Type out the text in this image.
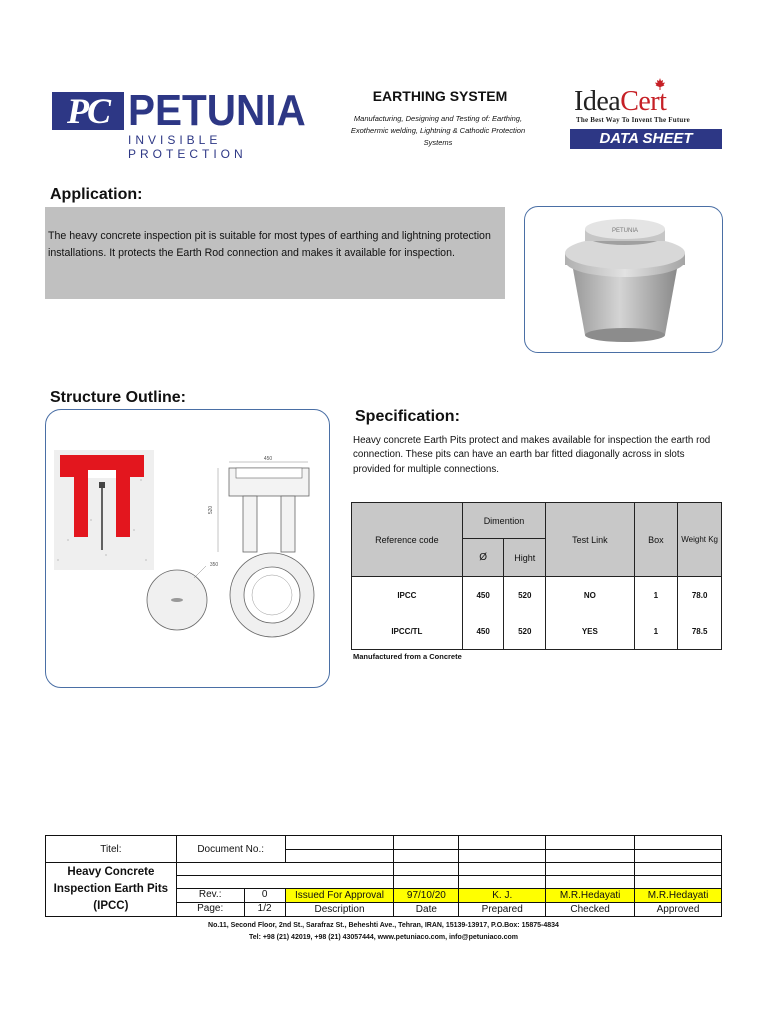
PC PETUNIA
INVISIBLE PROTECTION
EARTHING SYSTEM
Manufacturing, Designing and Testing of: Earthing, Exothermic welding, Lightning & Cathodic Protection Systems
IdeaCert
The Best Way To Invent The Future
DATA SHEET
Application:
The heavy concrete inspection pit is suitable for most types of earthing and lightning protection installations. It protects the Earth Rod connection and makes it available for inspection.
PETUNIA
Structure Outline:
450
520
350
Specification:
Heavy concrete Earth Pits protect and makes available for inspection the earth rod connection. These pits can have an earth bar fitted diagonally across in slots provided for multiple connections.
Reference code	Dimention		Test Link	Box	Weight Kg
	Ø	Hight			
IPCC	450	520	NO	1	78.0
IPCC/TL	450	520	YES	1	78.5
Manufactured from a Concrete
Titel:	Document No.:					

Heavy Concrete Inspection Earth Pits (IPCC)						

	Rev.: 0	Issued For Approval	97/10/20	K. J.	M.R.Hedayati	M.R.Hedayati

	Page: 1/2	Description	Date	Prepared	Checked	Approved
No.11, Second Floor, 2nd St., Sarafraz St., Beheshti Ave., Tehran, IRAN, 15139-13917, P.O.Box: 15875-4834
Tel: +98 (21) 42019, +98 (21) 43057444, www.petuniaco.com, info@petuniaco.com
